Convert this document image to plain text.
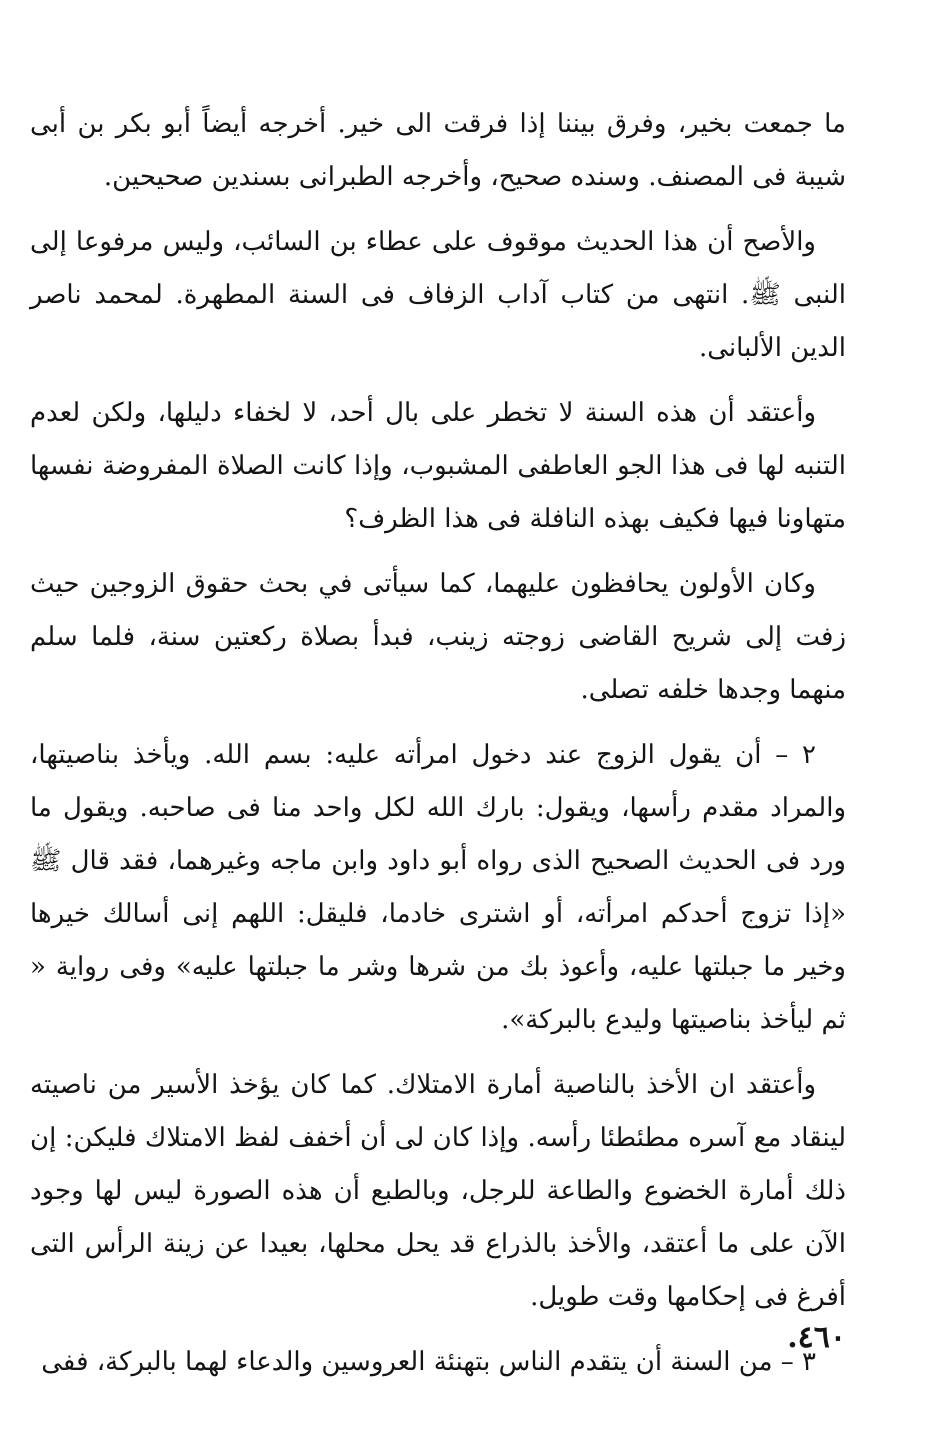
ما جمعت بخير، وفرق بيننا إذا فرقت الى خير. أخرجه أيضاً أبو بكر بن أبى شيبة فى المصنف. وسنده صحيح، وأخرجه الطبرانى بسندين صحيحين.

والأصح أن هذا الحديث موقوف على عطاء بن السائب، وليس مرفوعا إلى النبى ﷺ. انتهى من كتاب آداب الزفاف فى السنة المطهرة. لمحمد ناصر الدين الألبانى.

وأعتقد أن هذه السنة لا تخطر على بال أحد، لا لخفاء دليلها، ولكن لعدم التنبه لها فى هذا الجو العاطفى المشبوب، وإذا كانت الصلاة المفروضة نفسها متهاونا فيها فكيف بهذه النافلة فى هذا الظرف؟

وكان الأولون يحافظون عليهما، كما سيأتى في بحث حقوق الزوجين حيث زفت إلى شريح القاضى زوجته زينب، فبدأ بصلاة ركعتين سنة، فلما سلم منهما وجدها خلفه تصلى.

٢ – أن يقول الزوج عند دخول امرأته عليه: بسم الله. ويأخذ بناصيتها، والمراد مقدم رأسها، ويقول: بارك الله لكل واحد منا فى صاحبه. ويقول ما ورد فى الحديث الصحيح الذى رواه أبو داود وابن ماجه وغيرهما، فقد قال ﷺ «إذا تزوج أحدكم امرأته، أو اشترى خادما، فليقل: اللهم إنى أسالك خيرها وخير ما جبلتها عليه، وأعوذ بك من شرها وشر ما جبلتها عليه» وفى رواية « ثم ليأخذ بناصيتها وليدع بالبركة».

وأعتقد ان الأخذ بالناصية أمارة الامتلاك. كما كان يؤخذ الأسير من ناصيته لينقاد مع آسره مطئطئا رأسه. وإذا كان لى أن أخفف لفظ الامتلاك فليكن: إن ذلك أمارة الخضوع والطاعة للرجل، وبالطبع أن هذه الصورة ليس لها وجود الآن على ما أعتقد، والأخذ بالذراع قد يحل محلها، بعيدا عن زينة الرأس التى أفرغ فى إحكامها وقت طويل.

٣ – من السنة أن يتقدم الناس بتهنئة العروسين والدعاء لهما بالبركة، ففى

٤٦٠.
